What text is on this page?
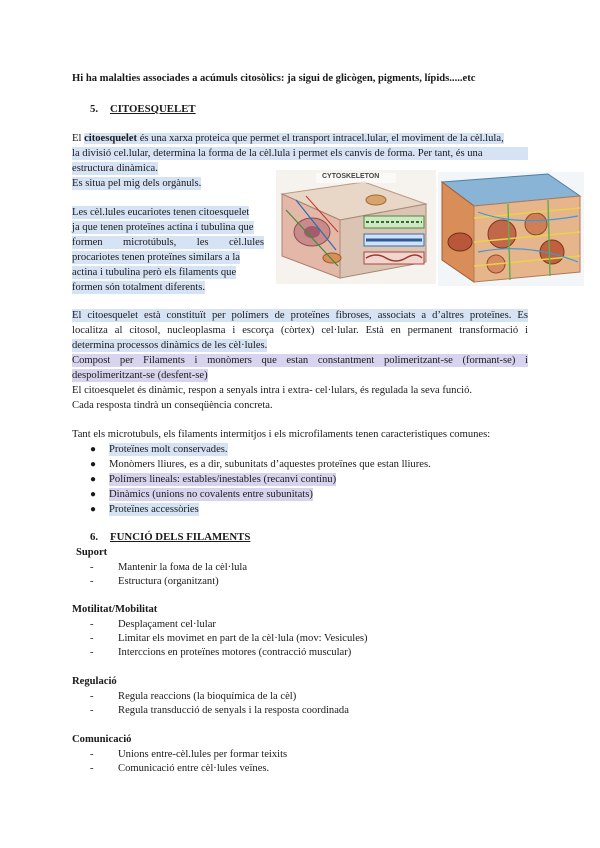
Hi ha malalties associades a acúmuls citosòlics: ja sigui de glicògen, pigments, lípids.....etc
5. CITOESQUELET
El citoesquelet és una xarxa proteica que permet el transport intracel.lular, el moviment de la cèl.lula,
la divisió cel.lular, determina la forma de la cèl.lula i permet els canvis de forma. Per tant, és una
estructura dinàmica.
Es situa pel mig dels orgànuls.
Les cèl.lules eucariotes tenen citoesquelet
ja que tenen proteïnes actina i tubulina que
formen microtúbuls, les cèl.lules
procariotes tenen proteïnes similars a la
actina i tubulina però els filaments que
formen són totalment diferents.
CYTOSKELETON
El citoesquelet està constituït per polímers de proteïnes fibroses, associats a d’altres proteïnes. Es
localitza al citosol, nucleoplasma i escorça (còrtex) cel·lular. Està en permanent transformació i
determina processos dinàmics de les cèl·lules.
Compost per Filaments i monòmers que estan constantment polimeritzant-se (formant-se) i
despolimeritzant-se (desfent-se)
El citoesquelet és dinàmic, respon a senyals intra i extra- cel·lulars, és regulada la seva funció.
Cada resposta tindrà un conseqüència concreta.
Tant els microtubuls, els filaments intermitjos i els microfilaments tenen caracteristiques comunes:
● Proteïnes molt conservades.
● Monòmers lliures, es a dir, subunitats d’aquestes proteïnes que estan lliures.
● Polímers lineals: estables/inestables (recanvi contínu)
● Dinàmics (unions no covalents entre subunitats)
● Proteïnes accessòries
6. FUNCIÓ DELS FILAMENTS
Suport
- Mantenir la fома de la cèl·lula
- Estructura (organitzant)
Motilitat/Mobilitat
- Desplaçament cel·lular
- Limitar els movimet en part de la cèl·lula (mov: Vesicules)
- Interccions en proteïnes motores (contracció muscular)
Regulació
- Regula reaccions (la bioquímica de la cèl)
- Regula transducció de senyals i la resposta coordinada
Comunicació
- Unions entre-cèl.lules per formar teixits
- Comunicació entre cèl·lules veïnes.
